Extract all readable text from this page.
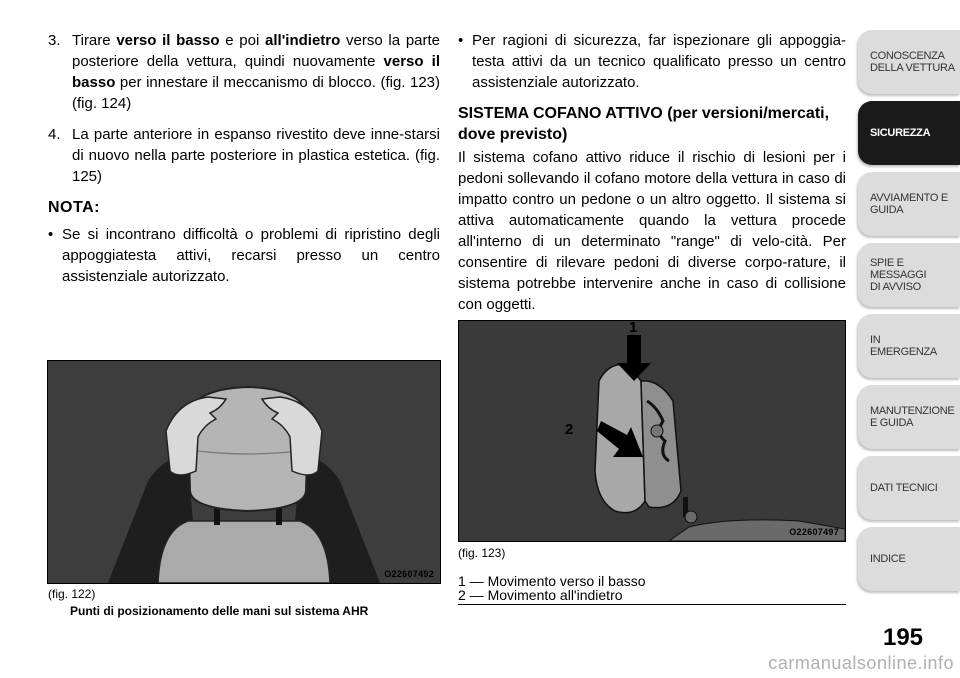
3. Tirare verso il basso e poi all'indietro verso la parte posteriore della vettura, quindi nuovamente verso il basso per innestare il meccanismo di blocco. (fig. 123)(fig. 124)

4. La parte anteriore in espanso rivestito deve inne-starsi di nuovo nella parte posteriore in plastica estetica. (fig. 125)

NOTA:

• Se si incontrano difficoltà o problemi di ripristino degli appoggiatesta attivi, recarsi presso un centro assistenziale autorizzato.

O22607492
(fig. 122)
Punti di posizionamento delle mani sul sistema AHR

• Per ragioni di sicurezza, far ispezionare gli appoggia-testa attivi da un tecnico qualificato presso un centro assistenziale autorizzato.

SISTEMA COFANO ATTIVO (per versioni/mercati, dove previsto)

Il sistema cofano attivo riduce il rischio di lesioni per i pedoni sollevando il cofano motore della vettura in caso di impatto contro un pedone o un altro oggetto. Il sistema si attiva automaticamente quando la vettura procede all'interno di un determinato "range" di velo-cità. Per consentire di rilevare pedoni di diverse corpo-rature, il sistema potrebbe intervenire anche in caso di collisione con oggetti.

1
2
O22607497
(fig. 123)
1 — Movimento verso il basso
2 — Movimento all'indietro
CONOSCENZA
DELLA VETTURA
SICUREZZA
AVVIAMENTO E
GUIDA
SPIE E
MESSAGGI
DI AVVISO
IN
EMERGENZA
MANUTENZIONE
E GUIDA
DATI TECNICI
INDICE
195
carmanualsonline.info
